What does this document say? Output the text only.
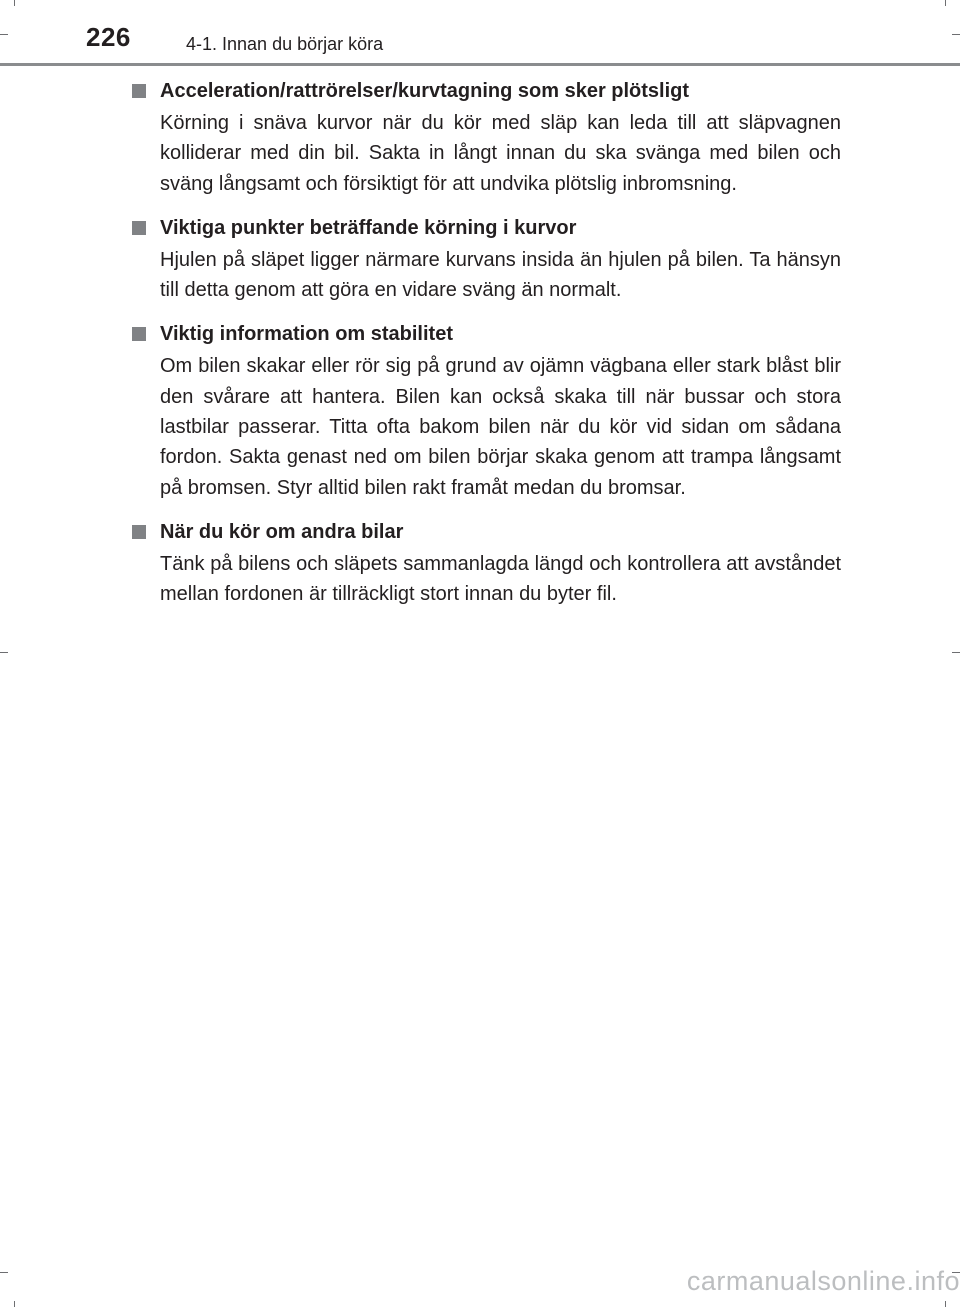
226	4-1. Innan du börjar köra
Acceleration/rattrörelser/kurvtagning som sker plötsligt
Körning i snäva kurvor när du kör med släp kan leda till att släpvagnen kolliderar med din bil. Sakta in långt innan du ska svänga med bilen och sväng långsamt och försiktigt för att undvika plötslig inbromsning.
Viktiga punkter beträffande körning i kurvor
Hjulen på släpet ligger närmare kurvans insida än hjulen på bilen. Ta hänsyn till detta genom att göra en vidare sväng än normalt.
Viktig information om stabilitet
Om bilen skakar eller rör sig på grund av ojämn vägbana eller stark blåst blir den svårare att hantera. Bilen kan också skaka till när bussar och stora lastbilar passerar. Titta ofta bakom bilen när du kör vid sidan om sådana fordon. Sakta genast ned om bilen börjar skaka genom att trampa långsamt på bromsen. Styr alltid bilen rakt framåt medan du bromsar.
När du kör om andra bilar
Tänk på bilens och släpets sammanlagda längd och kontrollera att avståndet mellan fordonen är tillräckligt stort innan du byter fil.
carmanualsonline.info
